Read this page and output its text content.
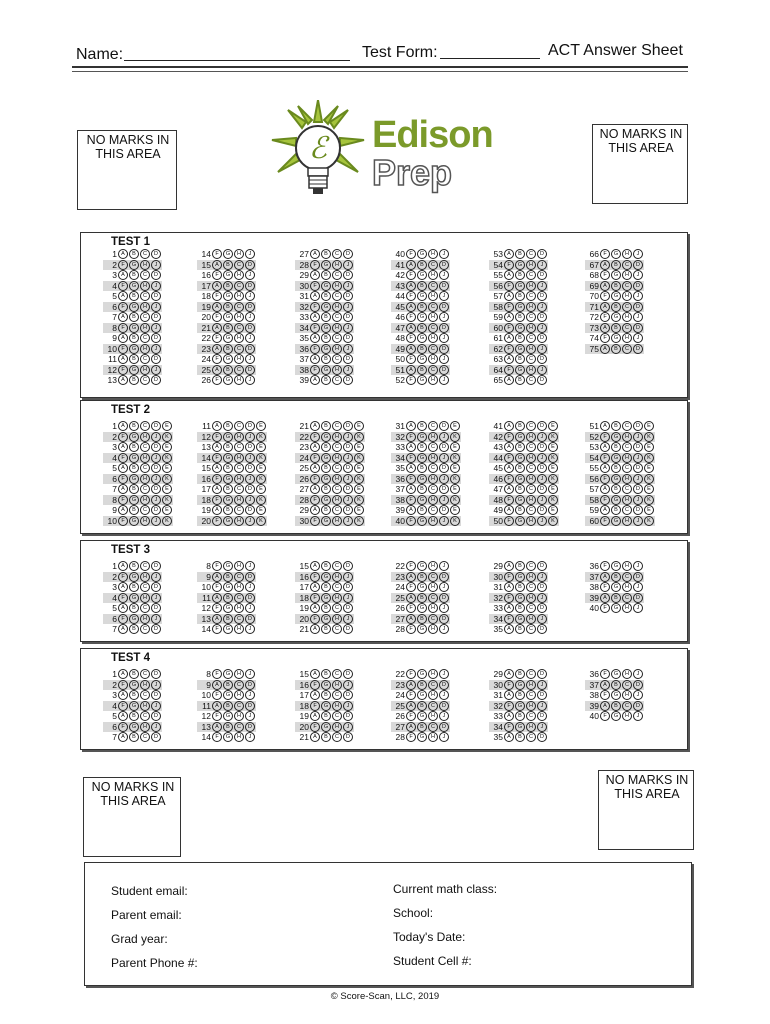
Name:	Test Form:	ACT Answer Sheet
ℰ Edison
Prep
NO MARKS IN THIS AREA
NO MARKS IN THIS AREA
NO MARKS IN THIS AREA
NO MARKS IN THIS AREA
TEST 1
1 A B C D
2 F G H J
3 A B C D
4 F G H J
5 A B C D
6 F G H J
7 A B C D
8 F G H J
9 A B C D
10 F G H J
11 A B C D
12 F G H J
13 A B C D
14 F G H J
15 A B C D
16 F G H J
17 A B C D
18 F G H J
19 A B C D
20 F G H J
21 A B C D
22 F G H J
23 A B C D
24 F G H J
25 A B C D
26 F G H J
27 A B C D
28 F G H J
29 A B C D
30 F G H J
31 A B C D
32 F G H J
33 A B C D
34 F G H J
35 A B C D
36 F G H J
37 A B C D
38 F G H J
39 A B C D
40 F G H J
41 A B C D
42 F G H J
43 A B C D
44 F G H J
45 A B C D
46 F G H J
47 A B C D
48 F G H J
49 A B C D
50 F G H J
51 A B C D
52 F G H J
53 A B C D
54 F G H J
55 A B C D
56 F G H J
57 A B C D
58 F G H J
59 A B C D
60 F G H J
61 A B C D
62 F G H J
63 A B C D
64 F G H J
65 A B C D
66 F G H J
67 A B C D
68 F G H J
69 A B C D
70 F G H J
71 A B C D
72 F G H J
73 A B C D
74 F G H J
75 A B C D
TEST 2
1 A B C D E
2 F G H J K
3 A B C D E
4 F G H J K
5 A B C D E
6 F G H J K
7 A B C D E
8 F G H J K
9 A B C D E
10 F G H J K
11 A B C D E
12 F G H J K
13 A B C D E
14 F G H J K
15 A B C D E
16 F G H J K
17 A B C D E
18 F G H J K
19 A B C D E
20 F G H J K
21 A B C D E
22 F G H J K
23 A B C D E
24 F G H J K
25 A B C D E
26 F G H J K
27 A B C D E
28 F G H J K
29 A B C D E
30 F G H J K
31 A B C D E
32 F G H J K
33 A B C D E
34 F G H J K
35 A B C D E
36 F G H J K
37 A B C D E
38 F G H J K
39 A B C D E
40 F G H J K
41 A B C D E
42 F G H J K
43 A B C D E
44 F G H J K
45 A B C D E
46 F G H J K
47 A B C D E
48 F G H J K
49 A B C D E
50 F G H J K
51 A B C D E
52 F G H J K
53 A B C D E
54 F G H J K
55 A B C D E
56 F G H J K
57 A B C D E
58 F G H J K
59 A B C D E
60 F G H J K
TEST 3
1 A B C D
2 F G H J
3 A B C D
4 F G H J
5 A B C D
6 F G H J
7 A B C D
8 F G H J
9 A B C D
10 F G H J
11 A B C D
12 F G H J
13 A B C D
14 F G H J
15 A B C D
16 F G H J
17 A B C D
18 F G H J
19 A B C D
20 F G H J
21 A B C D
22 F G H J
23 A B C D
24 F G H J
25 A B C D
26 F G H J
27 A B C D
28 F G H J
29 A B C D
30 F G H J
31 A B C D
32 F G H J
33 A B C D
34 F G H J
35 A B C D
36 F G H J
37 A B C D
38 F G H J
39 A B C D
40 F G H J
TEST 4
1 A B C D
2 F G H J
3 A B C D
4 F G H J
5 A B C D
6 F G H J
7 A B C D
8 F G H J
9 A B C D
10 F G H J
11 A B C D
12 F G H J
13 A B C D
14 F G H J
15 A B C D
16 F G H J
17 A B C D
18 F G H J
19 A B C D
20 F G H J
21 A B C D
22 F G H J
23 A B C D
24 F G H J
25 A B C D
26 F G H J
27 A B C D
28 F G H J
29 A B C D
30 F G H J
31 A B C D
32 F G H J
33 A B C D
34 F G H J
35 A B C D
36 F G H J
37 A B C D
38 F G H J
39 A B C D
40 F G H J
Student email:
Parent email:
Grad year:
Parent Phone #:
Current math class:
School:
Today's Date:
Student Cell #:
© Score-Scan, LLC, 2019
